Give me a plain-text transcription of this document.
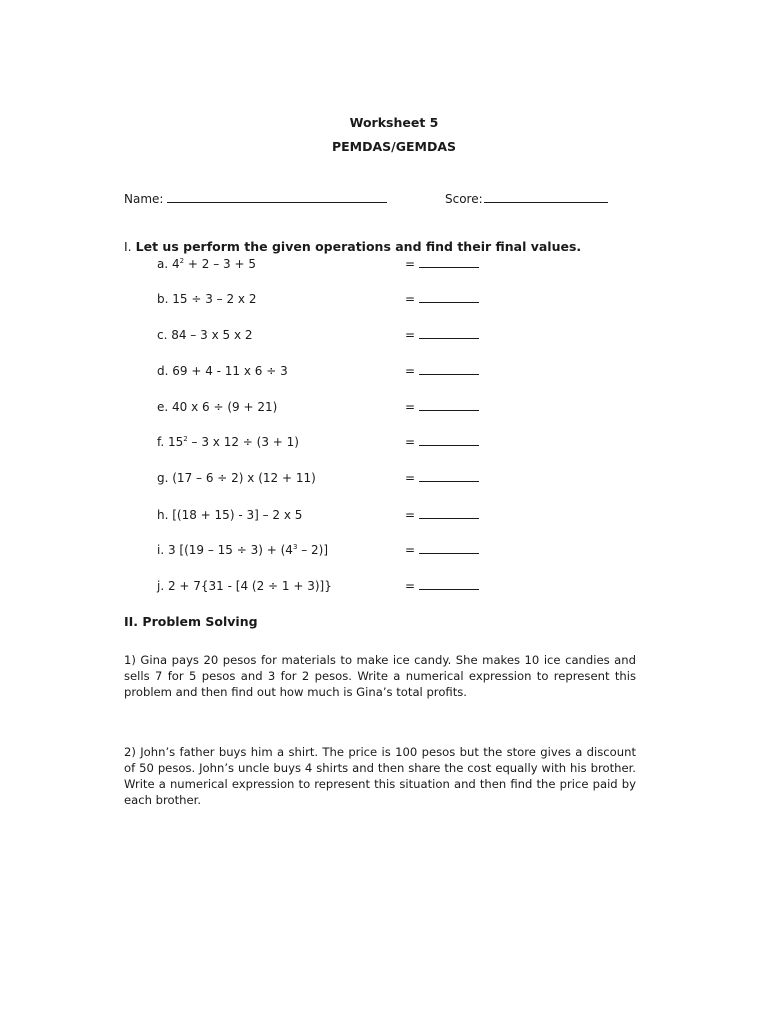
Worksheet 5
PEMDAS/GEMDAS
Name:	Score:
I. Let us perform the given operations and find their final values.
a. $4^2 + 2 - 3 + 5$	=
b. 15 ÷ 3 – 2 x 2	=
c. 84 – 3 x 5 x 2	=
d. 69 + 4 - 11 x 6 ÷ 3	=
e. 40 x 6 ÷ (9 + 21)	=
f. $15^2 - 3$ x 12 ÷ (3 + 1)	=
g. (17 – 6 ÷ 2) x (12 + 11)	=
h. [(18 + 15) - 3] – 2 x 5	=
i. 3 $[(19 - 15 \div 3) + (4^3 - 2)]$	=
j. 2 + 7{31 - [4 (2 ÷ 1 + 3)]}	=
II. Problem Solving
1) Gina pays 20 pesos for materials to make ice candy. She makes 10 ice candies and sells 7 for 5 pesos and 3 for 2 pesos. Write a numerical expression to represent this problem and then find out how much is Gina’s total profits.
2) John’s father buys him a shirt. The price is 100 pesos but the store gives a discount of 50 pesos. John’s uncle buys 4 shirts and then share the cost equally with his brother. Write a numerical expression to represent this situation and then find the price paid by each brother.
